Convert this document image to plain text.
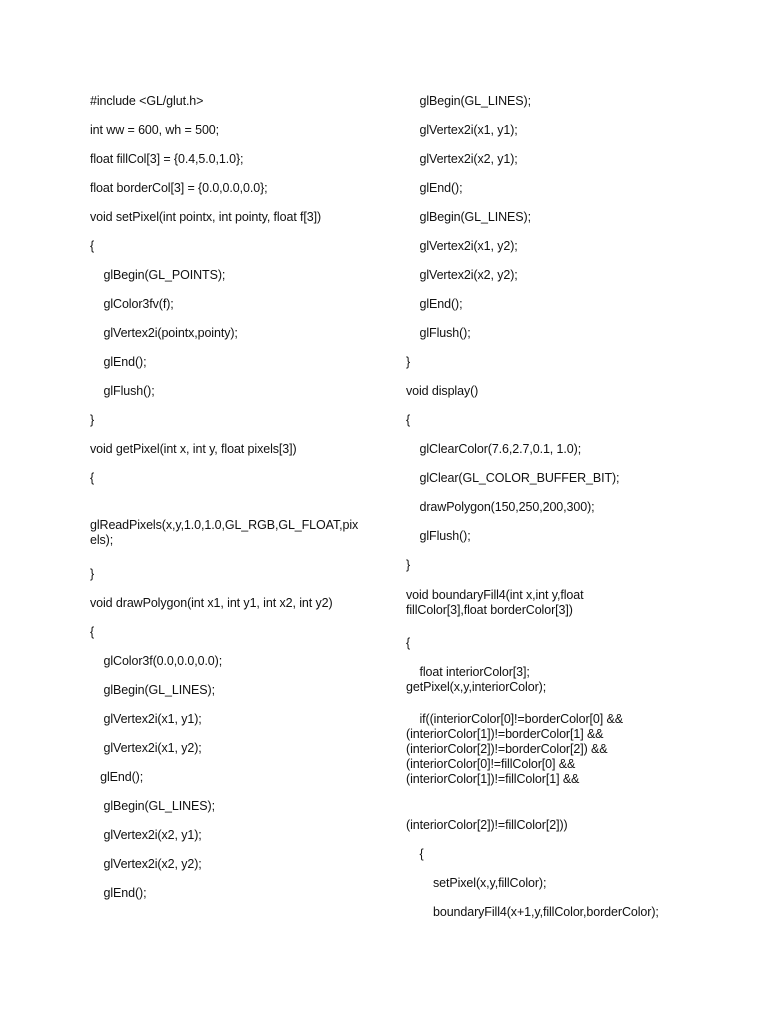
#include <GL/glut.h>
int ww = 600, wh = 500;
float fillCol[3] = {0.4,5.0,1.0};
float borderCol[3] = {0.0,0.0,0.0};
void setPixel(int pointx, int pointy, float f[3])
{
glBegin(GL_POINTS);
glColor3fv(f);
glVertex2i(pointx,pointy);
glEnd();
glFlush();
}
void getPixel(int x, int y, float pixels[3])
{
glReadPixels(x,y,1.0,1.0,GL_RGB,GL_FLOAT,pixels);
}
void drawPolygon(int x1, int y1, int x2, int y2)
{
glColor3f(0.0,0.0,0.0);
glBegin(GL_LINES);
glVertex2i(x1, y1);
glVertex2i(x1, y2);
glEnd();
glBegin(GL_LINES);
glVertex2i(x2, y1);
glVertex2i(x2, y2);
glEnd();
glBegin(GL_LINES);
glVertex2i(x1, y1);
glVertex2i(x2, y1);
glEnd();
glBegin(GL_LINES);
glVertex2i(x1, y2);
glVertex2i(x2, y2);
glEnd();
glFlush();
}
void display()
{
glClearColor(7.6,2.7,0.1, 1.0);
glClear(GL_COLOR_BUFFER_BIT);
drawPolygon(150,250,200,300);
glFlush();
}
void boundaryFill4(int x,int y,float fillColor[3],float borderColor[3])
{
float interiorColor[3]; getPixel(x,y,interiorColor);
if((interiorColor[0]!=borderColor[0] && (interiorColor[1])!=borderColor[1] && (interiorColor[2])!=borderColor[2]) && (interiorColor[0]!=fillColor[0] && (interiorColor[1])!=fillColor[1] &&
(interiorColor[2])!=fillColor[2]))
{
setPixel(x,y,fillColor);
boundaryFill4(x+1,y,fillColor,borderColor);
